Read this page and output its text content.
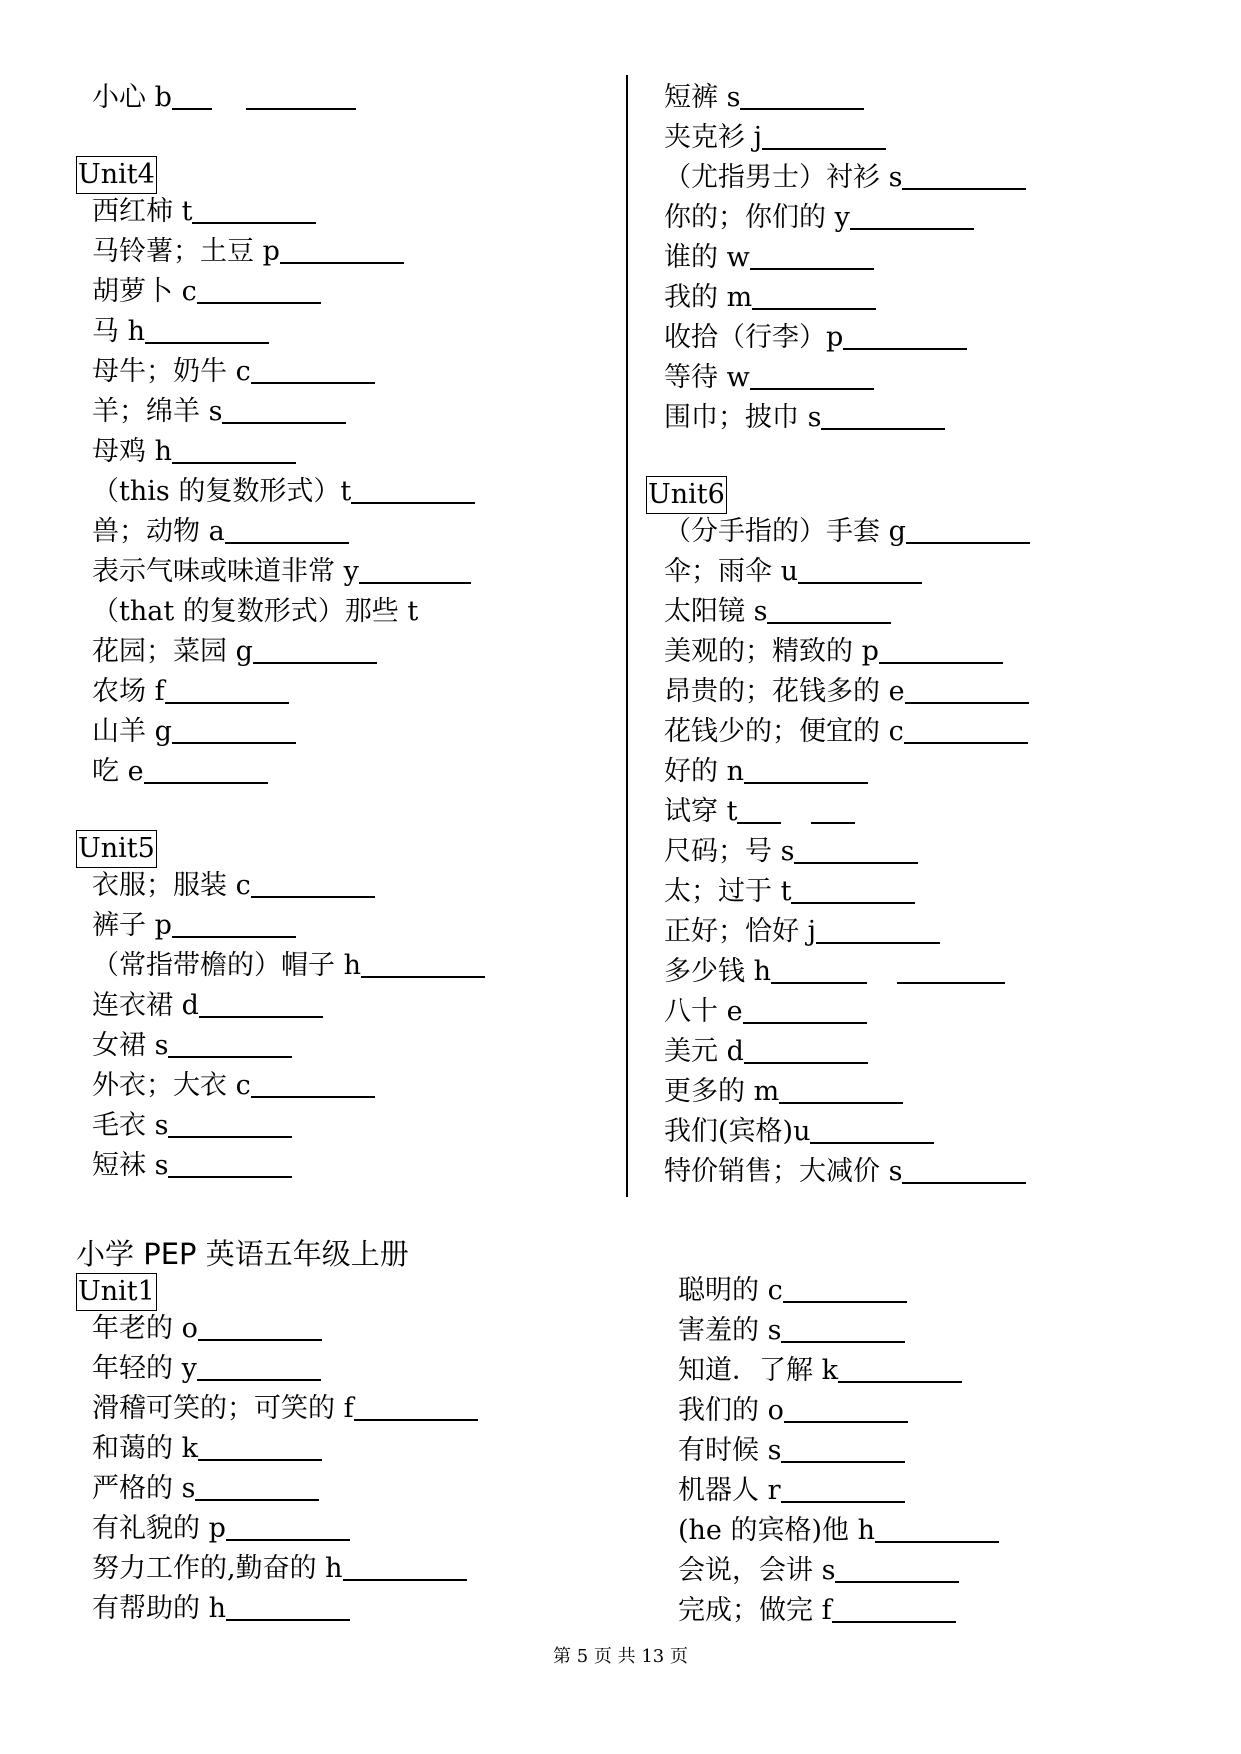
小心 b
Unit4
西红柿 t
马铃薯；土豆 p
胡萝卜 c
马 h
母牛；奶牛 c
羊；绵羊 s
母鸡 h
（this 的复数形式）t
兽；动物 a
表示气味或味道非常 y
（that 的复数形式）那些 t
花园；菜园 g
农场 f
山羊 g
吃 e
Unit5
衣服；服装 c
裤子 p
（常指带檐的）帽子 h
连衣裙 d
女裙 s
外衣；大衣 c
毛衣 s
短袜 s
短裤 s
夹克衫 j
（尤指男士）衬衫 s
你的；你们的 y
谁的 w
我的 m
收拾（行李）p
等待 w
围巾；披巾 s
Unit6
（分手指的）手套 g
伞；雨伞 u
太阳镜 s
美观的；精致的 p
昂贵的；花钱多的 e
花钱少的；便宜的 c
好的 n
试穿 t
尺码；号 s
太；过于 t
正好；恰好 j
多少钱 h
八十 e
美元 d
更多的 m
我们(宾格)u
特价销售；大减价 s
小学 PEP 英语五年级上册
Unit1
年老的 o
年轻的 y
滑稽可笑的；可笑的 f
和蔼的 k
严格的 s
有礼貌的 p
努力工作的,勤奋的 h
有帮助的 h
聪明的 c
害羞的 s
知道．了解 k
我们的 o
有时候 s
机器人 r
(he 的宾格)他 h
会说，会讲 s
完成；做完 f
第 5 页 共 13 页
